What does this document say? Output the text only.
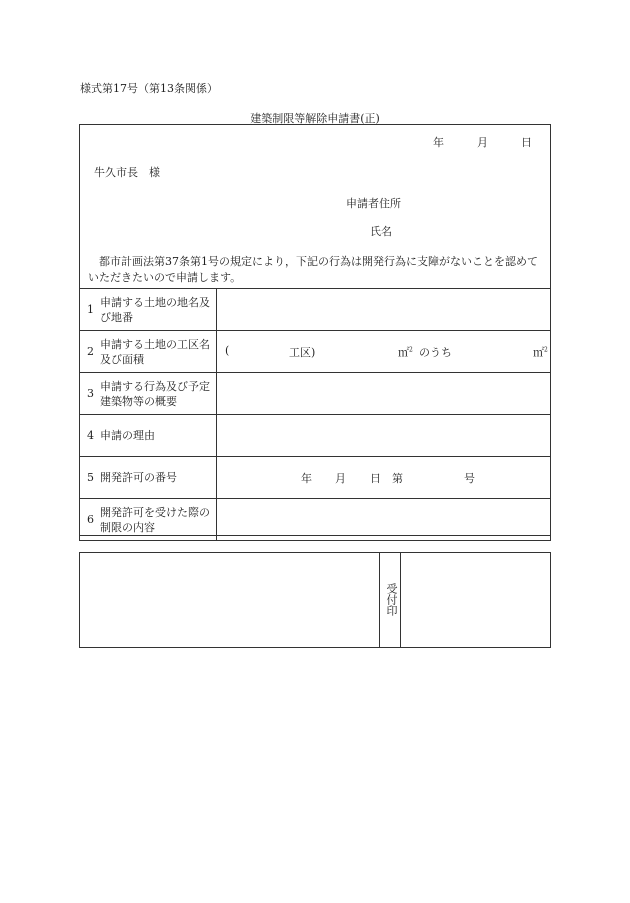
様式第17号（第13条関係）
建築制限等解除申請書(正)
年　　　	月　　　	日
牛久市長　様
申請者住所
氏名

都市計画法第37条第1号の規定により，下記の行為は開発行為に支障がないことを認めていただきたいので申請します。

1	申請する土地の地名及び地番	
2	申請する土地の工区名及び面積	( 工区) ㎡$^2$ のうち ㎡$^2$

3	申請する行為及び予定建築物等の概要	
4	申請の理由	
5	開発許可の番号	年 月 日　第 号

6	開発許可を受けた際の制限の内容	
受付印
